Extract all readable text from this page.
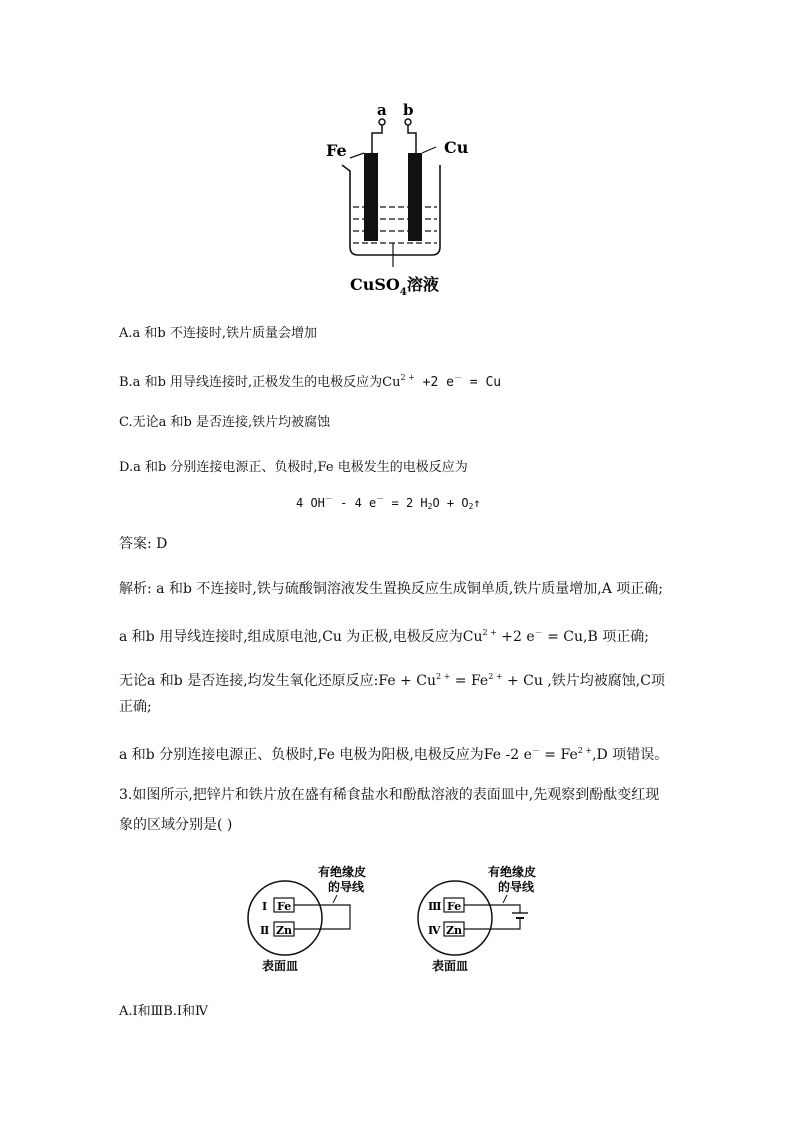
a b
Fe	Cu
CuSO$_4$溶液
A.a 和b 不连接时,铁片质量会增加
B.a 和b 用导线连接时,正极发生的电极反应为$Cu^{2 +} +2$ e－ = Cu
C.无论a 和b 是否连接,铁片均被腐蚀
D.a 和b 分别连接电源正、负极时,Fe 电极发生的电极反应为
4 OH－ - 4 e－ = 2 $H_2O$ + $O_2↑$
答案: D
解析: a 和b 不连接时,铁与硫酸铜溶液发生置换反应生成铜单质,铁片质量增加,A 项正确;
a 和b 用导线连接时,组成原电池,Cu 为正极,电极反应为$Cu^{2 +} +2$ e－ = Cu,B 项正确;
无论a 和b 是否连接,均发生氧化还原反应:Fe + $Cu^{2 +} = Fe^{2 +} + Cu$ ,铁片均被腐蚀,C项
正确;
a 和b 分别连接电源正、负极时,Fe 电极为阳极,电极反应为Fe -2 $e^- = Fe^{2 +},D$ 项错误。
3.如图所示,把锌片和铁片放在盛有稀食盐水和酚酞溶液的表面皿中,先观察到酚酞变红现
象的区域分别是( )
有绝缘皮
的导线
Fe
Zn
Ⅰ
Ⅱ
表面皿
有绝缘皮
的导线
Fe
Zn
Ⅲ
Ⅳ
表面皿
A.Ⅰ和ⅢB.Ⅰ和Ⅳ
